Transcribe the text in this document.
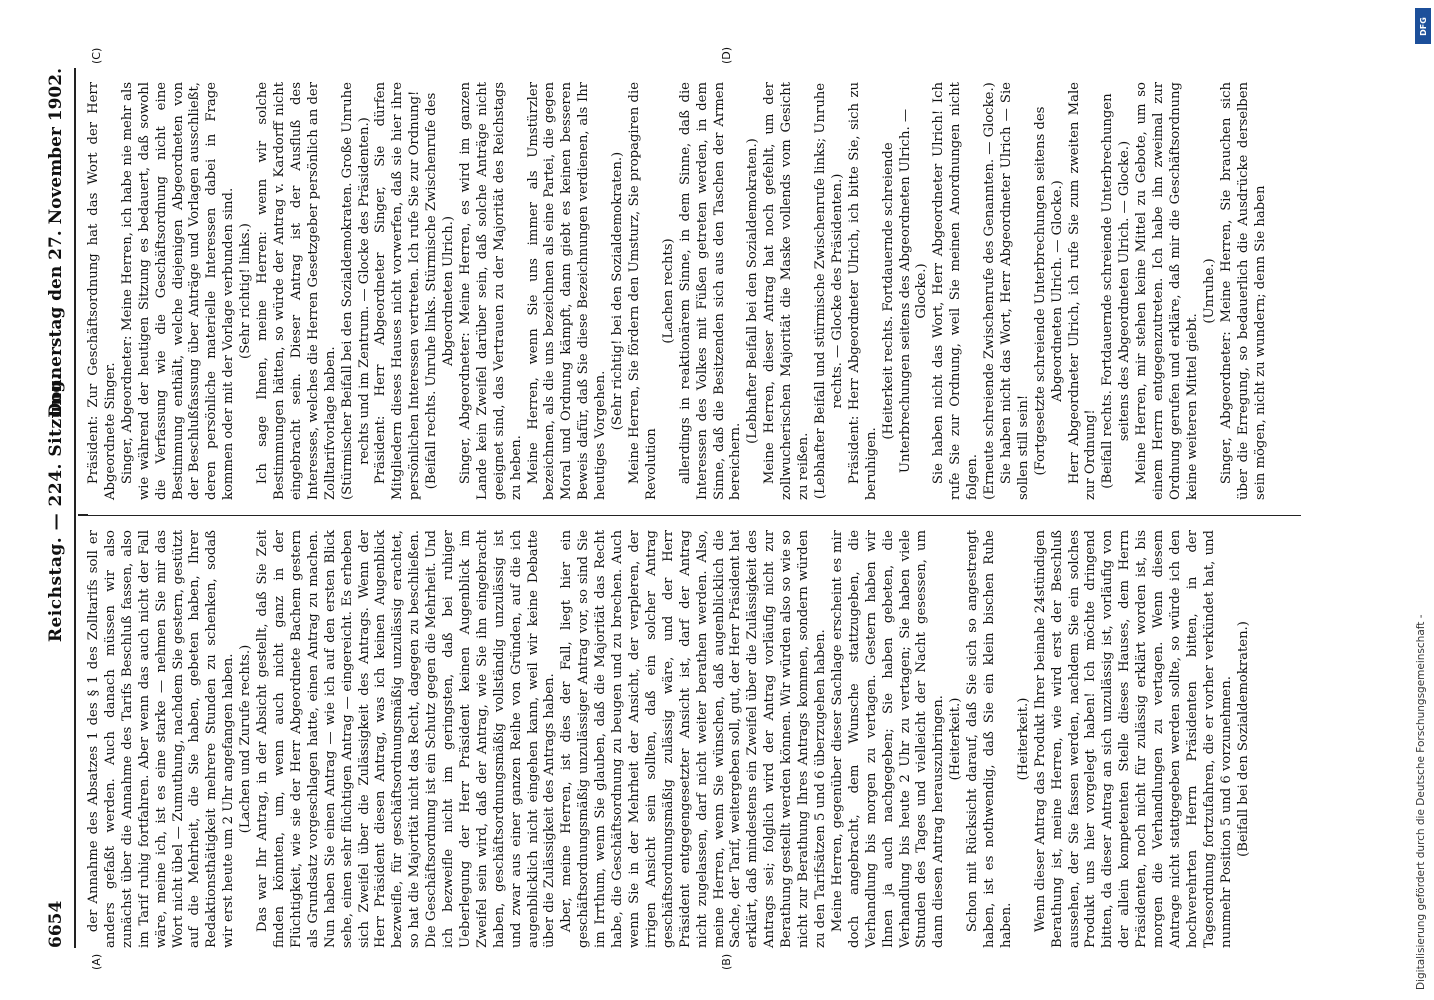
6654
Reichstag. — 224. Sitzung.
Donnerstag den 27. November 1902.
(A)	(B)
(C)	(D)

der Annahme des Absatzes 1 des § 1 des Zolltarifs soll er anders gefaßt werden. Auch danach müssen wir also zunächst über die Annahme des Tarifs Beschluß fassen, also im Tarif ruhig fortfahren. Aber wenn das auch nicht der Fall wäre, meine ich, ist es eine starke — nehmen Sie mir das Wort nicht übel — Zumuthung, nachdem Sie gestern, gestützt auf die Mehrheit, die Sie haben, gebeten haben, Ihrer Redaktionsthätigkeit mehrere Stunden zu schenken, sodaß wir erst heute um 2 Uhr angefangen haben. (Lachen und Zurufe rechts.) Das war Ihr Antrag, in der Absicht gestellt, daß Sie Zeit finden könnten, um, wenn auch nicht ganz in der Flüchtigkeit, wie sie der Herr Abgeordnete Bachem gestern als Grundsatz vorgeschlagen hatte, einen Antrag zu machen. Nun haben Sie einen Antrag — wie ich auf den ersten Blick sehe, einen sehr flüchtigen Antrag — eingereicht. Es erheben sich Zweifel über die Zulässigkeit des Antrags. Wenn der Herr Präsident diesen Antrag, was ich keinen Augenblick bezweifle, für geschäftsordnungsmäßig unzulässig erachtet, so hat die Majorität nicht das Recht, dagegen zu beschließen. Die Geschäftsordnung ist ein Schutz gegen die Mehrheit. Und ich bezweifle nicht im geringsten, daß bei ruhiger Ueberlegung der Herr Präsident keinen Augenblick im Zweifel sein wird, daß der Antrag, wie Sie ihn eingebracht haben, geschäftsordnungsmäßig vollständig unzulässig ist und zwar aus einer ganzen Reihe von Gründen, auf die ich augenblicklich nicht eingehen kann, weil wir keine Debatte über die Zulässigkeit des Antrags haben. Aber, meine Herren, ist dies der Fall, liegt hier ein geschäftsordnungsmäßig unzulässiger Antrag vor, so sind Sie im Irrthum, wenn Sie glauben, daß die Majorität das Recht habe, die Geschäftsordnung zu beugen und zu brechen. Auch wenn Sie in der Mehrheit der Ansicht, der verpleren, der irrigen Ansicht sein sollten, daß ein solcher Antrag geschäftsordnungsmäßig zulässig wäre, und der Herr Präsident entgegengesetzter Ansicht ist, darf der Antrag nicht zugelassen, darf nicht weiter berathen werden. Also, meine Herren, wenn Sie wünschen, daß augenblicklich die Sache, der Tarif, weitergeben soll, gut, der Herr Präsident hat erklärt, daß mindestens ein Zweifel über die Zulässigkeit des Antrags sei; folglich wird der Antrag vorläufig nicht zur Berathung gestellt werden können. Wir würden also so wie so nicht zur Berathung Ihres Antrags kommen, sondern würden zu den Tarifsätzen 5 und 6 überzugehen haben. Meine Herren, gegenüber dieser Sachlage erscheint es mir doch angebracht, dem Wunsche stattzugeben, die Verhandlung bis morgen zu vertagen. Gestern haben wir Ihnen ja auch nachgegeben; Sie haben gebeten, die Verhandlung bis heute 2 Uhr zu vertagen; Sie haben viele Stunden des Tages und vielleicht der Nacht gesessen, um dann diesen Antrag herauszubringen. (Heiterkeit.) Schon mit Rücksicht darauf, daß Sie sich so angestrengt haben, ist es nothwendig, daß Sie ein klein bischen Ruhe haben.

(Heiterkeit.) Wenn dieser Antrag das Produkt Ihrer beinahe 24stündigen Berathung ist, meine Herren, wie wird erst der Beschluß aussehen, der Sie fassen werden, nachdem Sie ein solches Produkt uns hier vorgelegt haben! Ich möchte dringend bitten, da dieser Antrag an sich unzulässig ist, vorläufig von der allein kompetenten Stelle dieses Hauses, dem Herrn Präsidenten, noch nicht für zulässig erklärt worden ist, bis morgen die Verhandlungen zu vertagen. Wenn diesem Antrage nicht stattgegeben werden sollte, so würde ich den hochverehrten Herrn Präsidenten bitten, in der Tagesordnung fortzufahren, die er vorher verkündet hat, und nunmehr Position 5 und 6 vorzunehmen. (Beifall bei den Sozialdemokraten.)

Präsident: Zur Geschäftsordnung hat das Wort der Herr Abgeordnete Singer. Singer, Abgeordneter: Meine Herren, ich habe nie mehr als wie während der heutigen Sitzung es bedauert, daß sowohl die Verfassung wie die Geschäftsordnung nicht eine Bestimmung enthält, welche diejenigen Abgeordneten von der Beschlußfassung über Anträge und Vorlagen ausschließt, deren persönliche materielle Interessen dabei in Frage kommen oder mit der Vorlage verbunden sind. (Sehr richtig! links.) Ich sage Ihnen, meine Herren: wenn wir solche Bestimmungen hätten, so würde der Antrag v. Kardorff nicht eingebracht sein. Dieser Antrag ist der Ausfluß des Interesses, welches die Herren Gesetzgeber persönlich an der Zolltarifvorlage haben. (Stürmischer Beifall bei den Sozialdemokraten. Große Unruhe rechts und im Zentrum. — Glocke des Präsidenten.) Präsident: Herr Abgeordneter Singer, Sie dürfen Mitgliedern dieses Hauses nicht vorwerfen, daß sie hier ihre persönlichen Interessen vertreten. Ich rufe Sie zur Ordnung! (Beifall rechts. Unruhe links. Stürmische Zwischenrufe des Abgeordneten Ulrich.) Singer, Abgeordneter: Meine Herren, es wird im ganzen Lande kein Zweifel darüber sein, daß solche Anträge nicht geeignet sind, das Vertrauen zu der Majorität des Reichstags zu heben. Meine Herren, wenn Sie uns immer als Umstürzler bezeichnen, als die uns bezeichnen als eine Partei, die gegen Moral und Ordnung kämpft, dann giebt es keinen besseren Beweis dafür, daß Sie diese Bezeichnungen verdienen, als Ihr heutiges Vorgehen.

(Sehr richtig! bei den Sozialdemokraten.) Meine Herren, Sie fördern den Umsturz, Sie propagiren die Revolution

(Lachen rechts) allerdings in reaktionärem Sinne, in dem Sinne, daß die Interessen des Volkes mit Füßen getreten werden, in dem Sinne, daß die Besitzenden sich aus den Taschen der Armen bereichern.

(Lebhafter Beifall bei den Sozialdemokraten.) Meine Herren, dieser Antrag hat noch gefehlt, um der zollwucherischen Majorität die Maske vollends vom Gesicht zu reißen. (Lebhafter Beifall und stürmische Zwischenrufe links; Unruhe rechts. — Glocke des Präsidenten.) Präsident: Herr Abgeordneter Ulrich, ich bitte Sie, sich zu beruhigen.

(Heiterkeit rechts. Fortdauernde schreiende Unterbrechungen seitens des Abgeordneten Ulrich. — Glocke.) Sie haben nicht das Wort, Herr Abgeordneter Ulrich! Ich rufe Sie zur Ordnung, weil Sie meinen Anordnungen nicht folgen. (Erneute schreiende Zwischenrufe des Genannten. — Glocke.) Sie haben nicht das Wort, Herr Abgeordneter Ulrich — Sie sollen still sein! (Fortgesetzte schreiende Unterbrechungen seitens des Abgeordneten Ulrich. — Glocke.) Herr Abgeordneter Ulrich, ich rufe Sie zum zweiten Male zur Ordnung! (Beifall rechts. Fortdauernde schreiende Unterbrechungen seitens des Abgeordneten Ulrich. — Glocke.) Meine Herren, mir stehen keine Mittel zu Gebote, um so einem Herrn entgegenzutreten. Ich habe ihn zweimal zur Ordnung gerufen und erkläre, daß mir die Geschäftsordnung keine weiteren Mittel giebt.

(Unruhe.) Singer, Abgeordneter: Meine Herren, Sie brauchen sich über die Erregung, so bedauerlich die Ausdrücke derselben sein mögen, nicht zu wundern; denn Sie haben

DFG
Digitalisierung gefördert durch die Deutsche Forschungsgemeinschaft -
